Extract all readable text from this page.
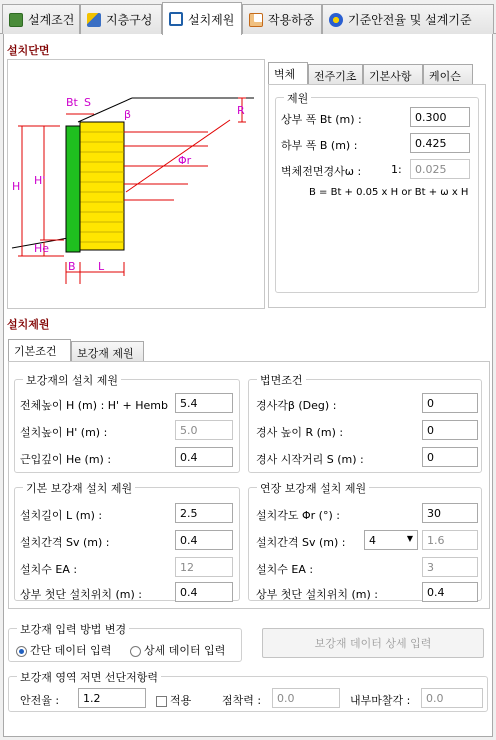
설계조건	지층구성	설치제원	작용하중	기준안전율 및 설계기준
설치단면
Bt S
β	R
Φr
H H'
He
B L
벽체	전주기초	기본사항	케이슨
제원
상부 폭 Bt (m) :	0.300
하부 폭 B (m) :	0.425
벽체전면경사ω :	1:	0.025
B = Bt + 0.05 x H or Bt + ω x H
설치제원
기본조건	보강재 제원
보강재의 설치 제원
전체높이 H (m) : H' + Hemb	5.4
설치높이 H' (m) :	5.0
근입깊이 He (m) :	0.4
법면조건
경사각β (Deg) :	0
경사 높이 R (m) :	0
경사 시작거리 S (m) :	0
기본 보강재 설치 제원
설치길이 L (m) :	2.5
설치간격 Sv (m) :	0.4
설치수 EA :	12
상부 첫단 설치위치 (m) :	0.4
연장 보강재 설치 제원
설치각도 Φr (°) :	30
설치간격 Sv (m) :	4	▼	1.6
설치수 EA :	3
상부 첫단 설치위치 (m) :	0.4
보강재 입력 방법 변경
간단 데이터 입력	상세 데이터 입력
보강재 데이터 상세 입력
보강재 영역 저면 선단저항력
안전율 :	1.2	적용	점착력 :	0.0	내부마찰각 :	0.0
